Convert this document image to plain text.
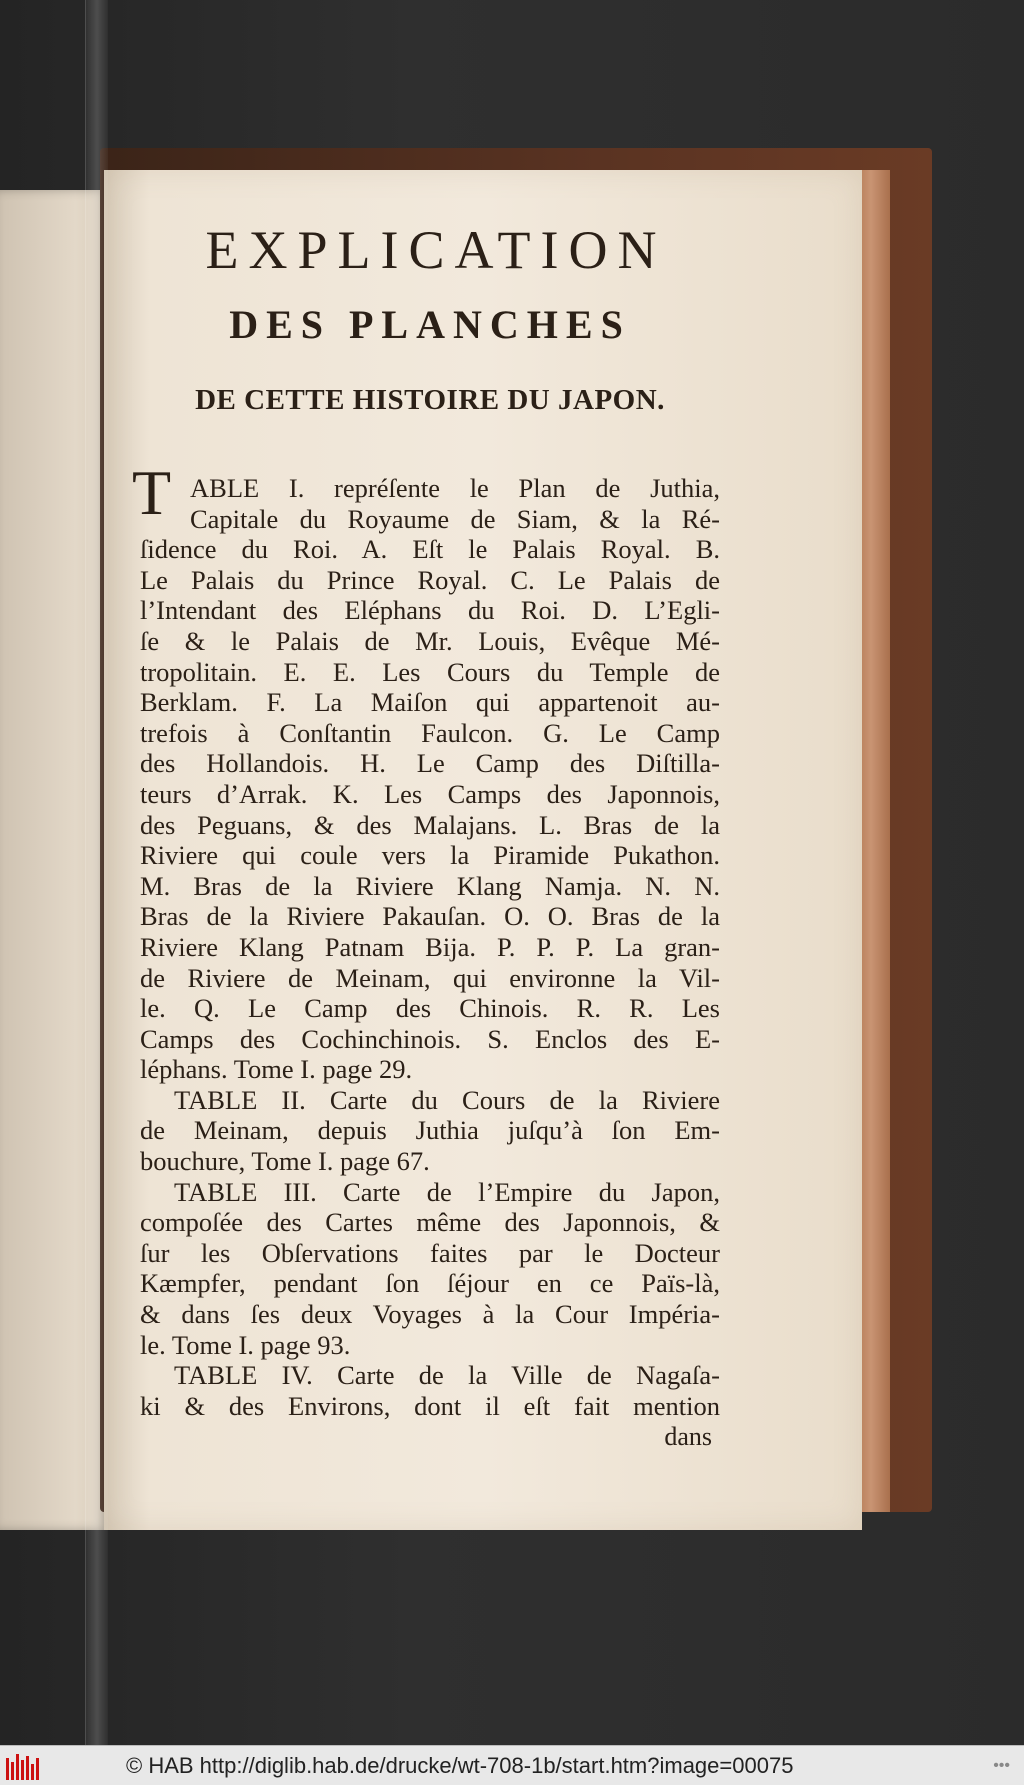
EXPLICATION
DES PLANCHES
DE CETTE HISTOIRE DU JAPON.
T ABLE I. repréſente le Plan de Juthia,
Capitale du Royaume de Siam, & la Ré-
ſidence du Roi. A. Eſt le Palais Royal. B.
Le Palais du Prince Royal. C. Le Palais de
l’Intendant des Eléphans du Roi. D. L’Egli-
ſe & le Palais de Mr. Louis, Evêque Mé-
tropolitain. E. E. Les Cours du Temple de
Berklam. F. La Maiſon qui appartenoit au-
trefois à Conſtantin Faulcon. G. Le Camp
des Hollandois. H. Le Camp des Diſtilla-
teurs d’Arrak. K. Les Camps des Japonnois,
des Peguans, & des Malajans. L. Bras de la
Riviere qui coule vers la Piramide Pukathon.
M. Bras de la Riviere Klang Namja. N. N.
Bras de la Riviere Pakauſan. O. O. Bras de la
Riviere Klang Patnam Bija. P. P. P. La gran-
de Riviere de Meinam, qui environne la Vil-
le. Q. Le Camp des Chinois. R. R. Les
Camps des Cochinchinois. S. Enclos des E-
léphans. Tome I. page 29.
TABLE II. Carte du Cours de la Riviere
de Meinam, depuis Juthia juſqu’à ſon Em-
bouchure, Tome I. page 67.
TABLE III. Carte de l’Empire du Japon,
compoſée des Cartes même des Japonnois, &
ſur les Obſervations faites par le Docteur
Kæmpfer, pendant ſon ſéjour en ce Païs-là,
& dans ſes deux Voyages à la Cour Impéria-
le. Tome I. page 93.
TABLE IV. Carte de la Ville de Nagaſa-
ki & des Environs, dont il eſt fait mention
dans
© HAB http://diglib.hab.de/drucke/wt-708-1b/start.htm?image=00075	•••
